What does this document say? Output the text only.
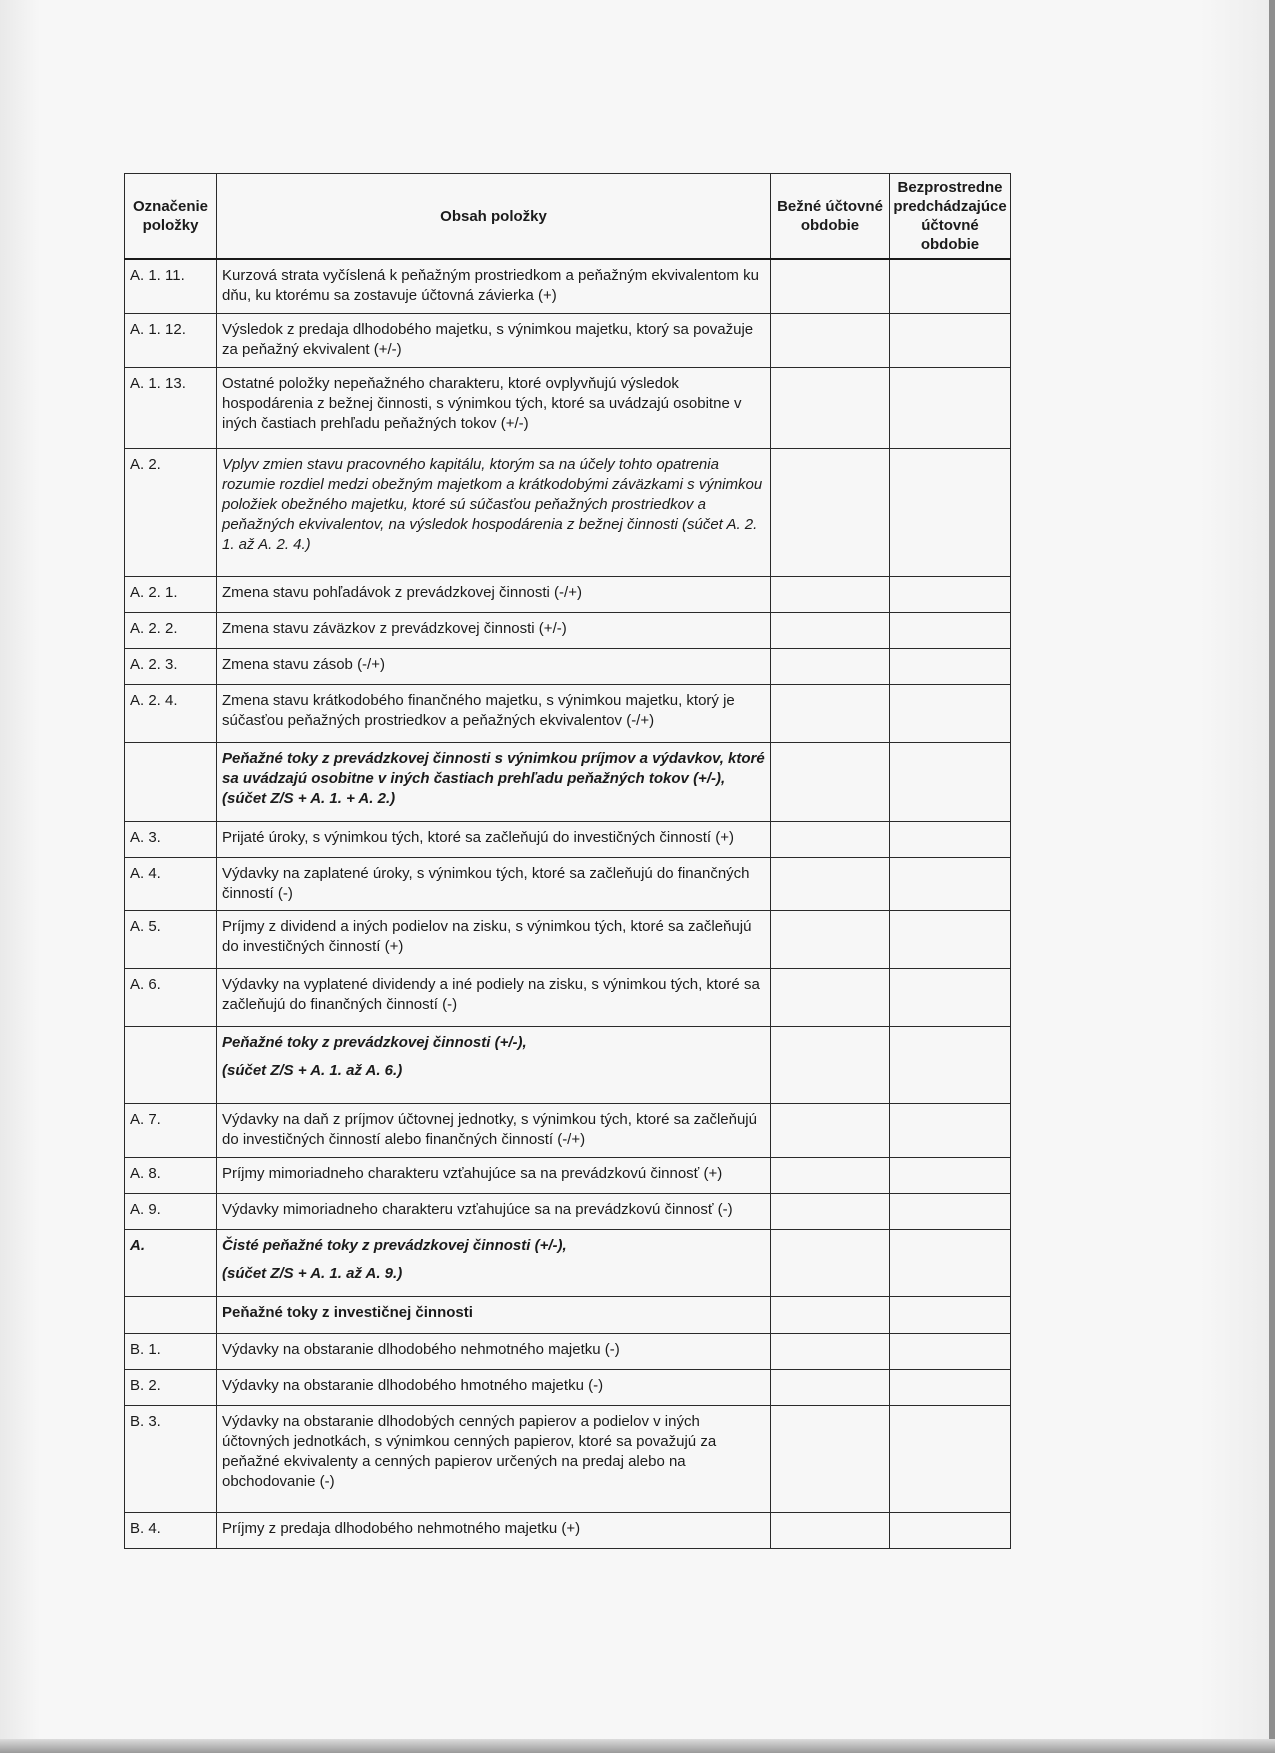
Označenie položky	Obsah položky	Bežné účtovné obdobie	Bezprostredne predchádzajúce účtovné obdobie
A. 1. 11.	Kurzová strata vyčíslená k peňažným prostriedkom a peňažným ekvivalentom ku dňu, ku ktorému sa zostavuje účtovná závierka (+)		
A. 1. 12.	Výsledok z predaja dlhodobého majetku, s výnimkou majetku, ktorý sa považuje za peňažný ekvivalent (+/-)		
A. 1. 13.	Ostatné položky nepeňažného charakteru, ktoré ovplyvňujú výsledok hospodárenia z bežnej činnosti, s výnimkou tých, ktoré sa uvádzajú osobitne v iných častiach prehľadu peňažných tokov (+/-)		
A. 2.	Vplyv zmien stavu pracovného kapitálu, ktorým sa na účely tohto opatrenia rozumie rozdiel medzi obežným majetkom a krátkodobými záväzkami s výnimkou položiek obežného majetku, ktoré sú súčasťou peňažných prostriedkov a peňažných ekvivalentov, na výsledok hospodárenia z bežnej činnosti (súčet A. 2. 1. až A. 2. 4.)		
A. 2. 1.	Zmena stavu pohľadávok z prevádzkovej činnosti (-/+)		
A. 2. 2.	Zmena stavu záväzkov z prevádzkovej činnosti (+/-)		
A. 2. 3.	Zmena stavu zásob (-/+)		
A. 2. 4.	Zmena stavu krátkodobého finančného majetku, s výnimkou majetku, ktorý je súčasťou peňažných prostriedkov a peňažných ekvivalentov (-/+)		
	Peňažné toky z prevádzkovej činnosti s výnimkou príjmov a výdavkov, ktoré sa uvádzajú osobitne v iných častiach prehľadu peňažných tokov (+/-), (súčet Z/S + A. 1. + A. 2.)		
A. 3.	Prijaté úroky, s výnimkou tých, ktoré sa začleňujú do investičných činností (+)		
A. 4.	Výdavky na zaplatené úroky, s výnimkou tých, ktoré sa začleňujú do finančných činností (-)		
A. 5.	Príjmy z dividend a iných podielov na zisku, s výnimkou tých, ktoré sa začleňujú do investičných činností (+)		
A. 6.	Výdavky na vyplatené dividendy a iné podiely na zisku, s výnimkou tých, ktoré sa začleňujú do finančných činností (-)		
	Peňažné toky z prevádzkovej činnosti (+/-),
(súčet Z/S + A. 1. až A. 6.)		

A. 7.	Výdavky na daň z príjmov účtovnej jednotky, s výnimkou tých, ktoré sa začleňujú do investičných činností alebo finančných činností (-/+)		
A. 8.	Príjmy mimoriadneho charakteru vzťahujúce sa na prevádzkovú činnosť (+)		
A. 9.	Výdavky mimoriadneho charakteru vzťahujúce sa na prevádzkovú činnosť (-)		
A.	Čisté peňažné toky z prevádzkovej činnosti (+/-),
(súčet Z/S + A. 1. až A. 9.)		

	Peňažné toky z investičnej činnosti		
B. 1.	Výdavky na obstaranie dlhodobého nehmotného majetku (-)		
B. 2.	Výdavky na obstaranie dlhodobého hmotného majetku (-)		
B. 3.	Výdavky na obstaranie dlhodobých cenných papierov a podielov v iných účtovných jednotkách, s výnimkou cenných papierov, ktoré sa považujú za peňažné ekvivalenty a cenných papierov určených na predaj alebo na obchodovanie (-)		
B. 4.	Príjmy z predaja dlhodobého nehmotného majetku (+)		
